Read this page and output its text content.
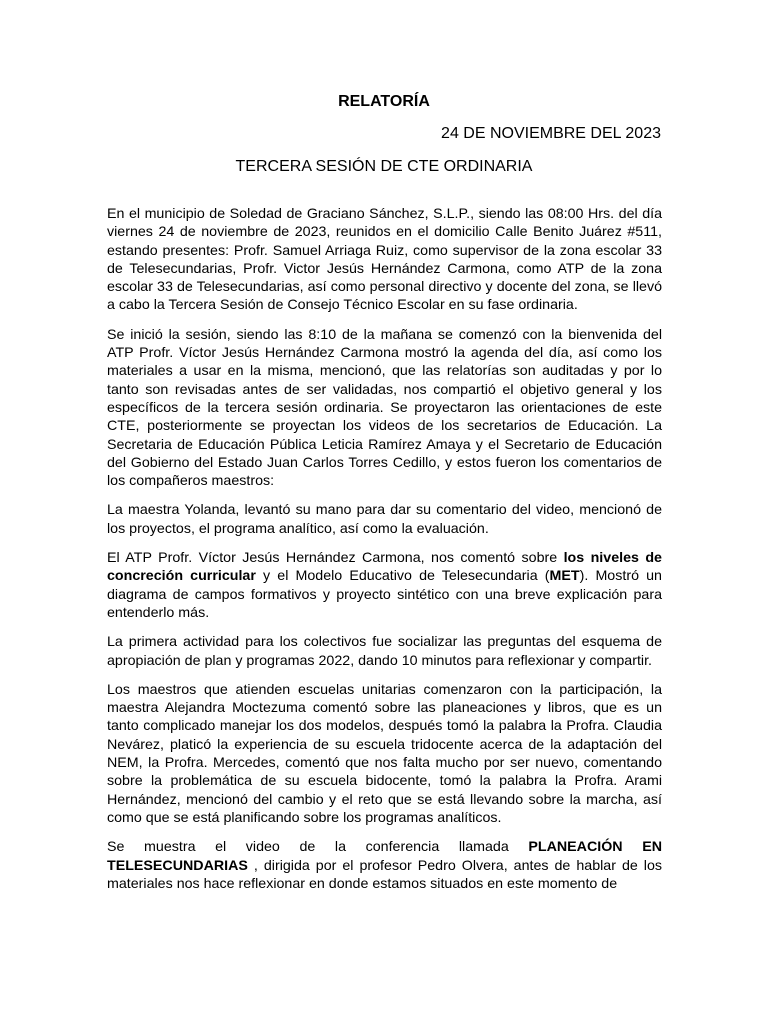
RELATORÍA
24 DE NOVIEMBRE DEL 2023
TERCERA SESIÓN DE CTE ORDINARIA

En el municipio de Soledad de Graciano Sánchez, S.L.P., siendo las 08:00 Hrs. del día viernes 24 de noviembre de 2023, reunidos en el domicilio Calle Benito Juárez #511, estando presentes: Profr. Samuel Arriaga Ruiz, como supervisor de la zona escolar 33 de Telesecundarias, Profr. Victor Jesús Hernández Carmona, como ATP de la zona escolar 33 de Telesecundarias, así como personal directivo y docente del zona, se llevó a cabo la Tercera Sesión de Consejo Técnico Escolar en su fase ordinaria.

Se inició la sesión, siendo las 8:10 de la mañana se comenzó con la bienvenida del ATP Profr. Víctor Jesús Hernández Carmona mostró la agenda del día, así como los materiales a usar en la misma, mencionó, que las relatorías son auditadas y por lo tanto son revisadas antes de ser validadas, nos compartió el objetivo general y los específicos de la tercera sesión ordinaria. Se proyectaron las orientaciones de este CTE, posteriormente se proyectan los videos de los secretarios de Educación. La Secretaria de Educación Pública Leticia Ramírez Amaya y el Secretario de Educación del Gobierno del Estado Juan Carlos Torres Cedillo, y estos fueron los comentarios de los compañeros maestros:

La maestra Yolanda, levantó su mano para dar su comentario del video, mencionó de los proyectos, el programa analítico, así como la evaluación.

El ATP Profr. Víctor Jesús Hernández Carmona, nos comentó sobre los niveles de concreción curricular y el Modelo Educativo de Telesecundaria (MET). Mostró un diagrama de campos formativos y proyecto sintético con una breve explicación para entenderlo más.

La primera actividad para los colectivos fue socializar las preguntas del esquema de apropiación de plan y programas 2022, dando 10 minutos para reflexionar y compartir.

Los maestros que atienden escuelas unitarias comenzaron con la participación, la maestra Alejandra Moctezuma comentó sobre las planeaciones y libros, que es un tanto complicado manejar los dos modelos, después tomó la palabra la Profra. Claudia Nevárez, platicó la experiencia de su escuela tridocente acerca de la adaptación del NEM, la Profra. Mercedes, comentó que nos falta mucho por ser nuevo, comentando sobre la problemática de su escuela bidocente, tomó la palabra la Profra. Arami Hernández, mencionó del cambio y el reto que se está llevando sobre la marcha, así como que se está planificando sobre los programas analíticos.

Se muestra el video de la conferencia llamada PLANEACIÓN EN TELESECUNDARIAS , dirigida por el profesor Pedro Olvera, antes de hablar de los materiales nos hace reflexionar en donde estamos situados en este momento de
